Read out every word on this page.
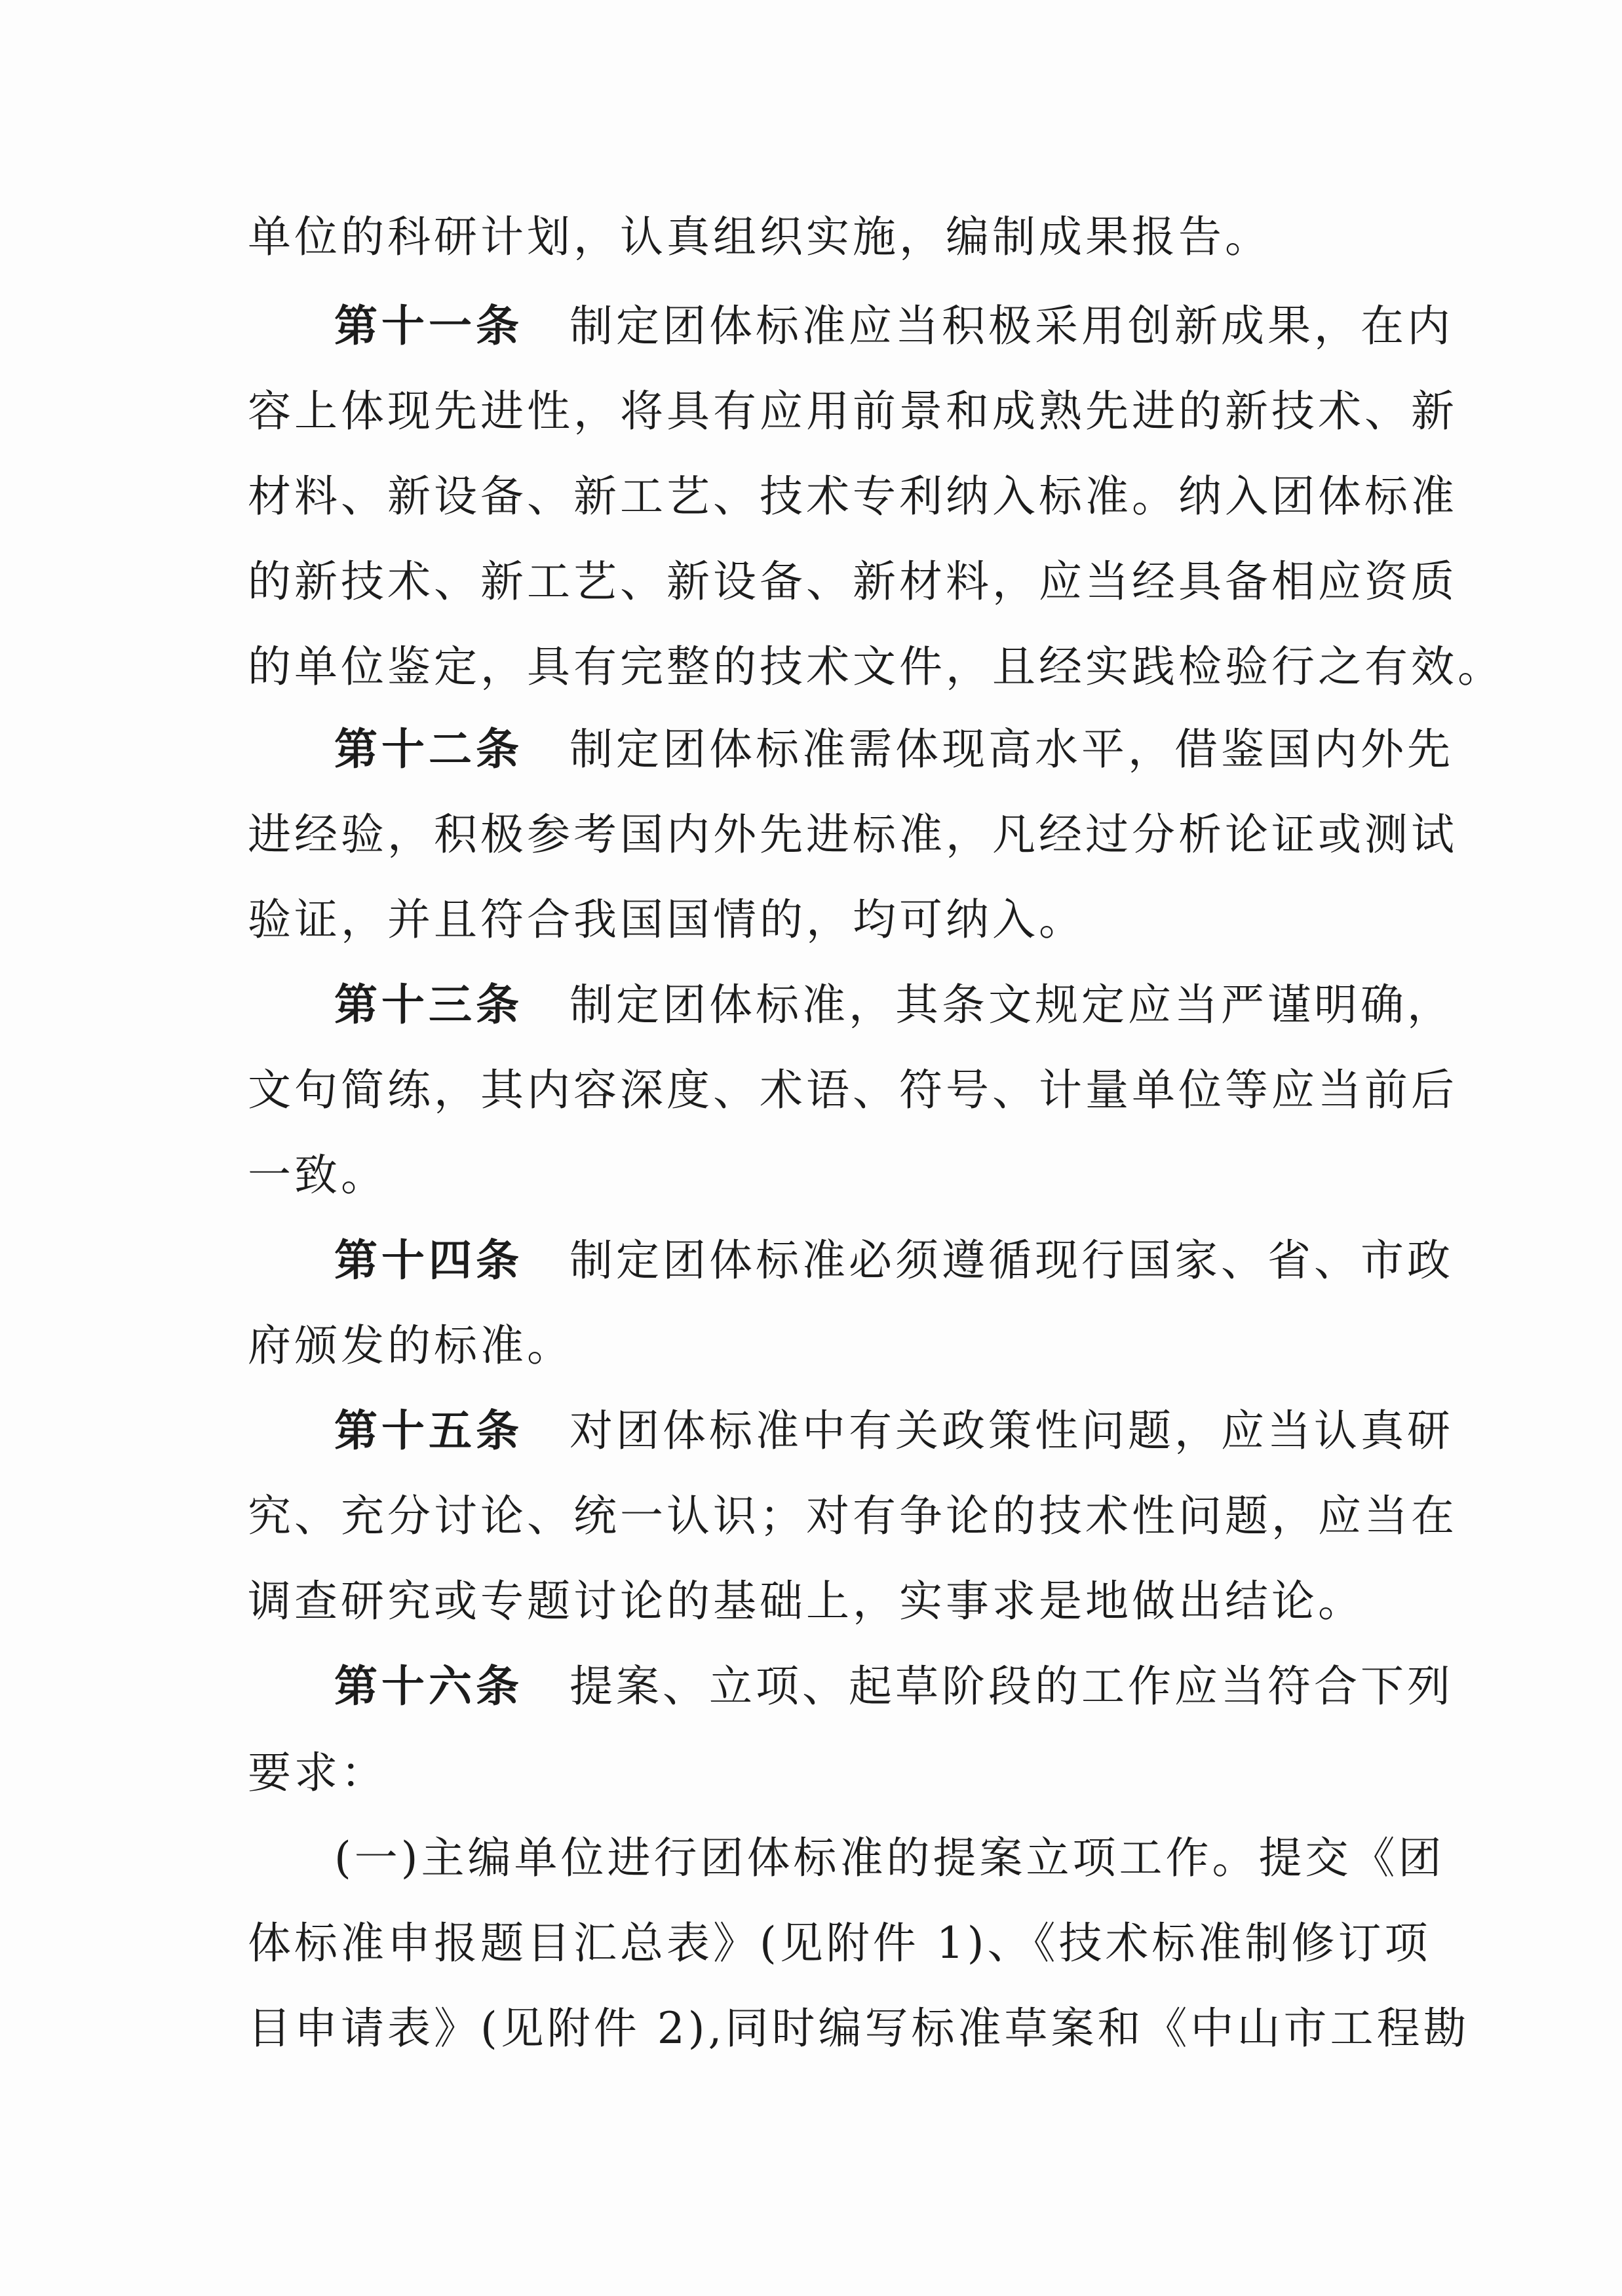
单位的科研计划，认真组织实施，编制成果报告。
第十一条　 制定团体标准应当积极采用创新成果，在内
容上体现先进性，将具有应用前景和成熟先进的新技术、新
材料、新设备、新工艺、技术专利纳入标准。纳入团体标准
的新技术、新工艺、新设备、新材料，应当经具备相应资质
的单位鉴定，具有完整的技术文件，且经实践检验行之有效。
第十二条　 制定团体标准需体现高水平，借鉴国内外先
进经验，积极参考国内外先进标准，凡经过分析论证或测试
验证，并且符合我国国情的，均可纳入。
第十三条　 制定团体标准，其条文规定应当严谨明确，
文句简练，其内容深度、术语、符号、计量单位等应当前后
一致。
第十四条　 制定团体标准必须遵循现行国家、省、市政
府颁发的标准。
第十五条　 对团体标准中有关政策性问题，应当认真研
究、充分讨论、统一认识；对有争论的技术性问题，应当在
调查研究或专题讨论的基础上，实事求是地做出结论。
第十六条　 提案、立项、起草阶段的工作应当符合下列
要求：
(一)主编单位进行团体标准的提案立项工作。提交《团
体标准申报题目汇总表》(见附件 1)、《技术标准制修订项
目申请表》(见附件 2),同时编写标准草案和《中山市工程勘
